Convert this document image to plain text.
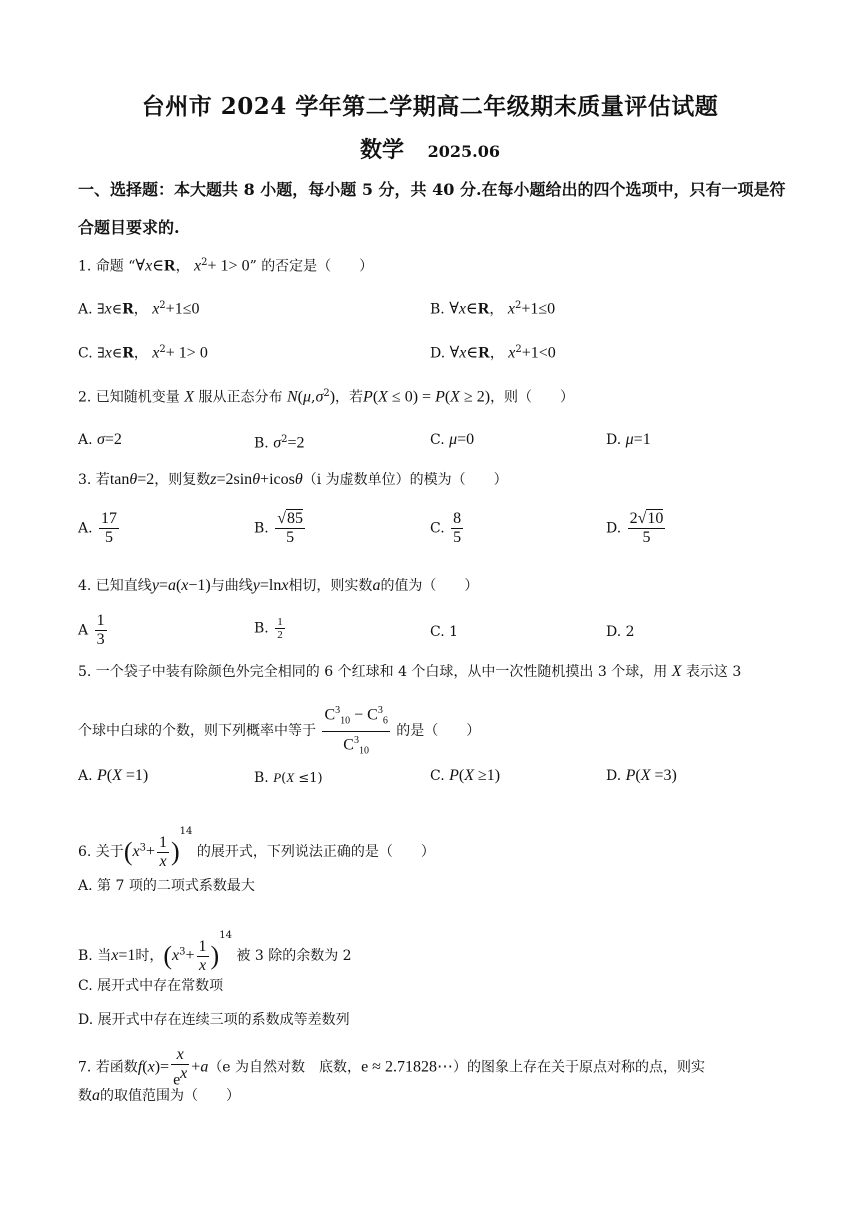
台州市 2024 学年第二学期高二年级期末质量评估试题
数学 2025.06
一、选择题：本大题共 8 小题，每小题 5 分，共 40 分.在每小题给出的四个选项中，只有一项是符合题目要求的.
1. 命题 “∀x∈R， $x^2+ 1> 0$” 的否定是（　　）
A. ∃x∈R， $x^2+1\le 0$	B. ∀x∈R， $x^2+1\le 0$
C. ∃x∈R， $x^2+ 1> 0$	D. ∀x∈R， $x^2+1<0$
2. 已知随机变量 X 服从正态分布 $N(\mu,\sigma^2)$，若P(X ≤ 0) = P(X ≥ 2)，则（　　）
A. σ=2	B. $\sigma^2=2$	C. μ=0	D. μ=1
3. 若tanθ=2，则复数z=2sinθ+icosθ（i 为虚数单位）的模为（　　）
A. $\frac{17}{5}$	B. $\frac{√85}{5}$	C. $\frac{8}{5}$	D. $\frac{2√10}{5}$
4. 已知直线y=a(x−1)与曲线y=lnx相切，则实数a的值为（　　）
A $\frac{1}{3}$	B. $\frac{1}{2}$	C. 1	D. 2
5. 一个袋子中装有除颜色外完全相同的 6 个红球和 4 个白球，从中一次性随机摸出 3 个球，用 X 表示这 3
个球中白球的个数，则下列概率中等于 $\frac{C^3_{10} - C^3_6}{C^3_{10}}$ 的是（　　）
A. P(X =1)	B. P(X ≤1)	C. P(X ≥1)	D. P(X =3)
6. 关于$(x^3+ \frac{1}{x} )^{14}$ 的展开式，下列说法正确的是（　　）
A. 第 7 项的二项式系数最大
B. 当x=1时，$(x^3+ \frac{1}{x} )^{14}$ 被 3 除的余数为 2
C. 展开式中存在常数项
D. 展开式中存在连续三项的系数成等差数列
7. 若函数$f(x)= \frac{x}{e^x} +a(e$ 为自然对数　底数，e ≈ 2.71828⋯）的图象上存在关于原点对称的点，则实
数a的取值范围为（　　）
